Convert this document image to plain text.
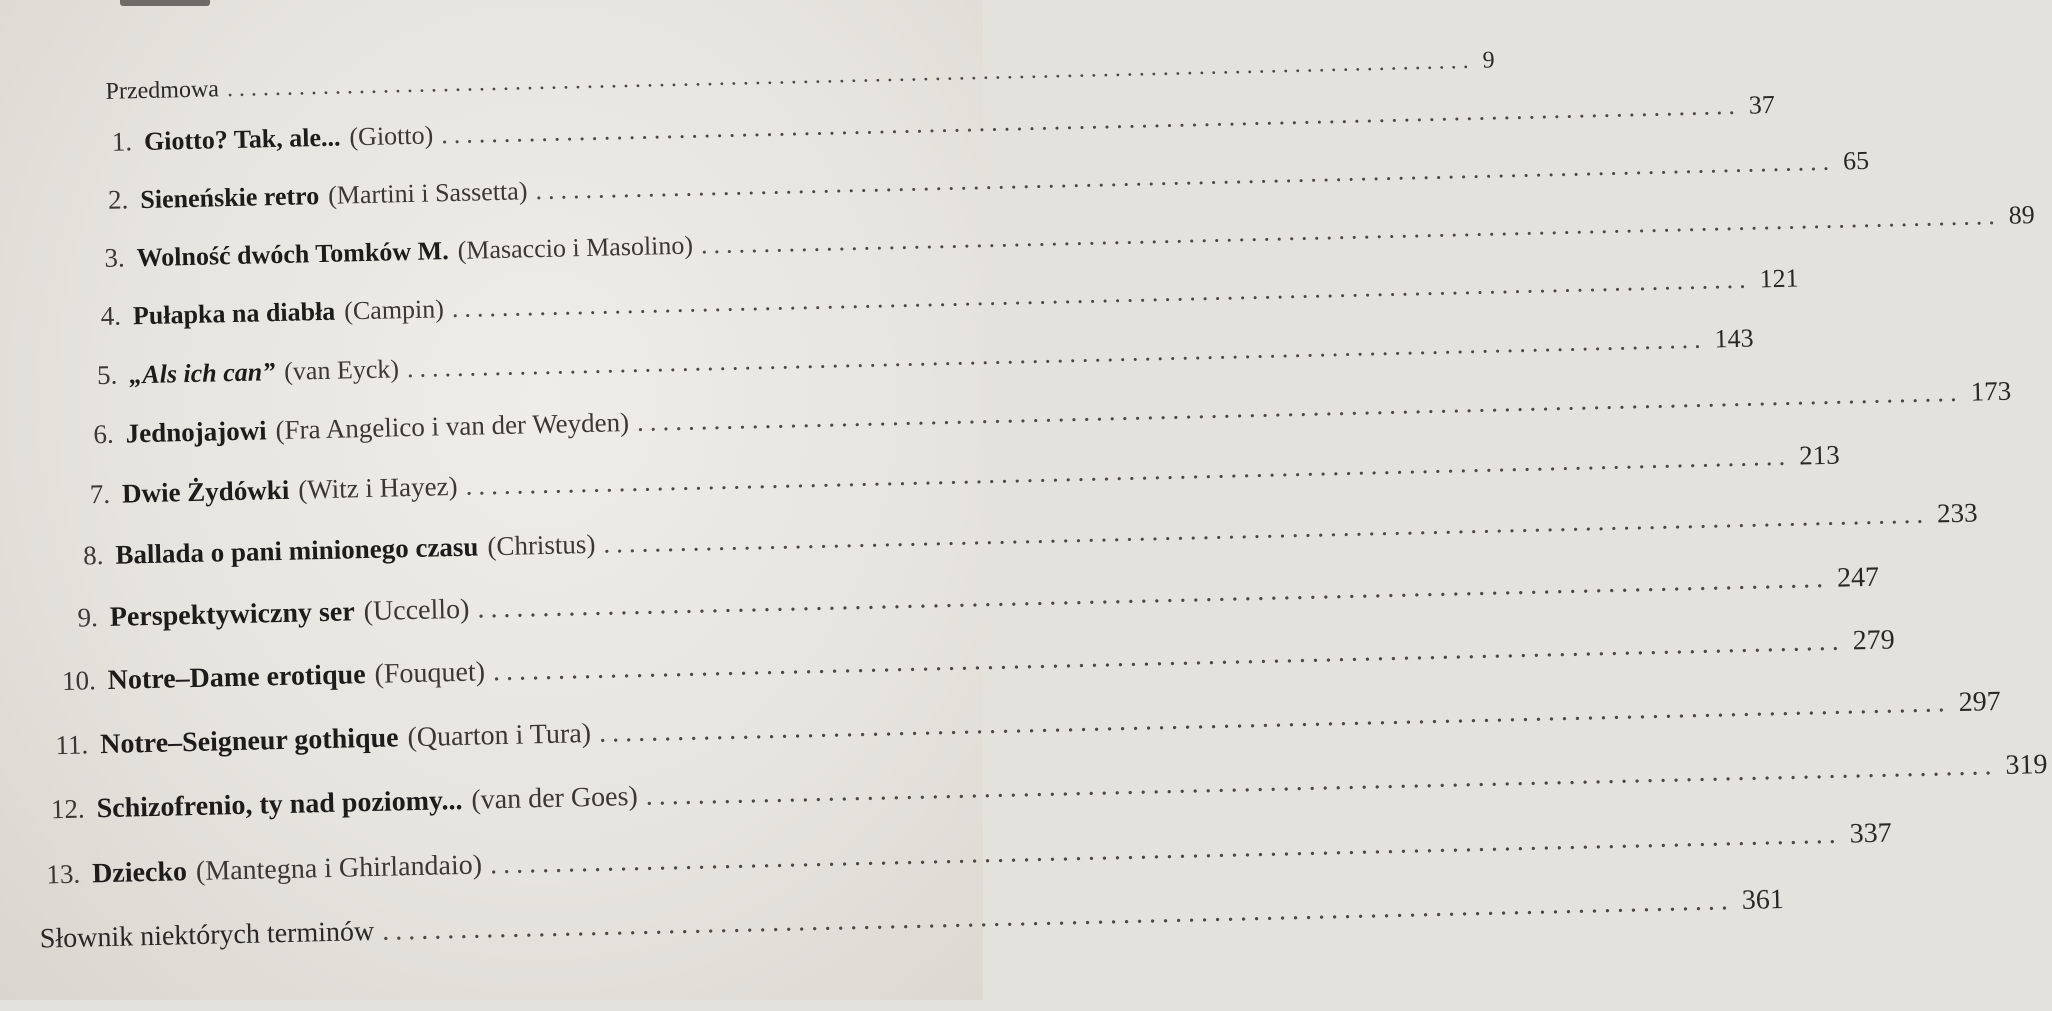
Przedmowa ........................................................................................................ 9
1. Giotto? Tak, ale... (Giotto) ........................................................................................................ 37
2. Sieneńskie retro (Martini i Sassetta) ........................................................................................................ 65
3. Wolność dwóch Tomków M. (Masaccio i Masolino) ........................................................................................................ 89
4. Pułapka na diabła (Campin) ........................................................................................................ 121
5. „Als ich can” (van Eyck) ........................................................................................................ 143
6. Jednojajowi (Fra Angelico i van der Weyden) ........................................................................................................ 173
7. Dwie Żydówki (Witz i Hayez) ........................................................................................................ 213
8. Ballada o pani minionego czasu (Christus) ........................................................................................................ 233
9. Perspektywiczny ser (Uccello) ........................................................................................................ 247
10. Notre–Dame erotique (Fouquet) ........................................................................................................ 279
11. Notre–Seigneur gothique (Quarton i Tura) ........................................................................................................ 297
12. Schizofrenio, ty nad poziomy... (van der Goes) ........................................................................................................ 319
13. Dziecko (Mantegna i Ghirlandaio) ........................................................................................................ 337
Słownik niektórych terminów ........................................................................................................ 361
